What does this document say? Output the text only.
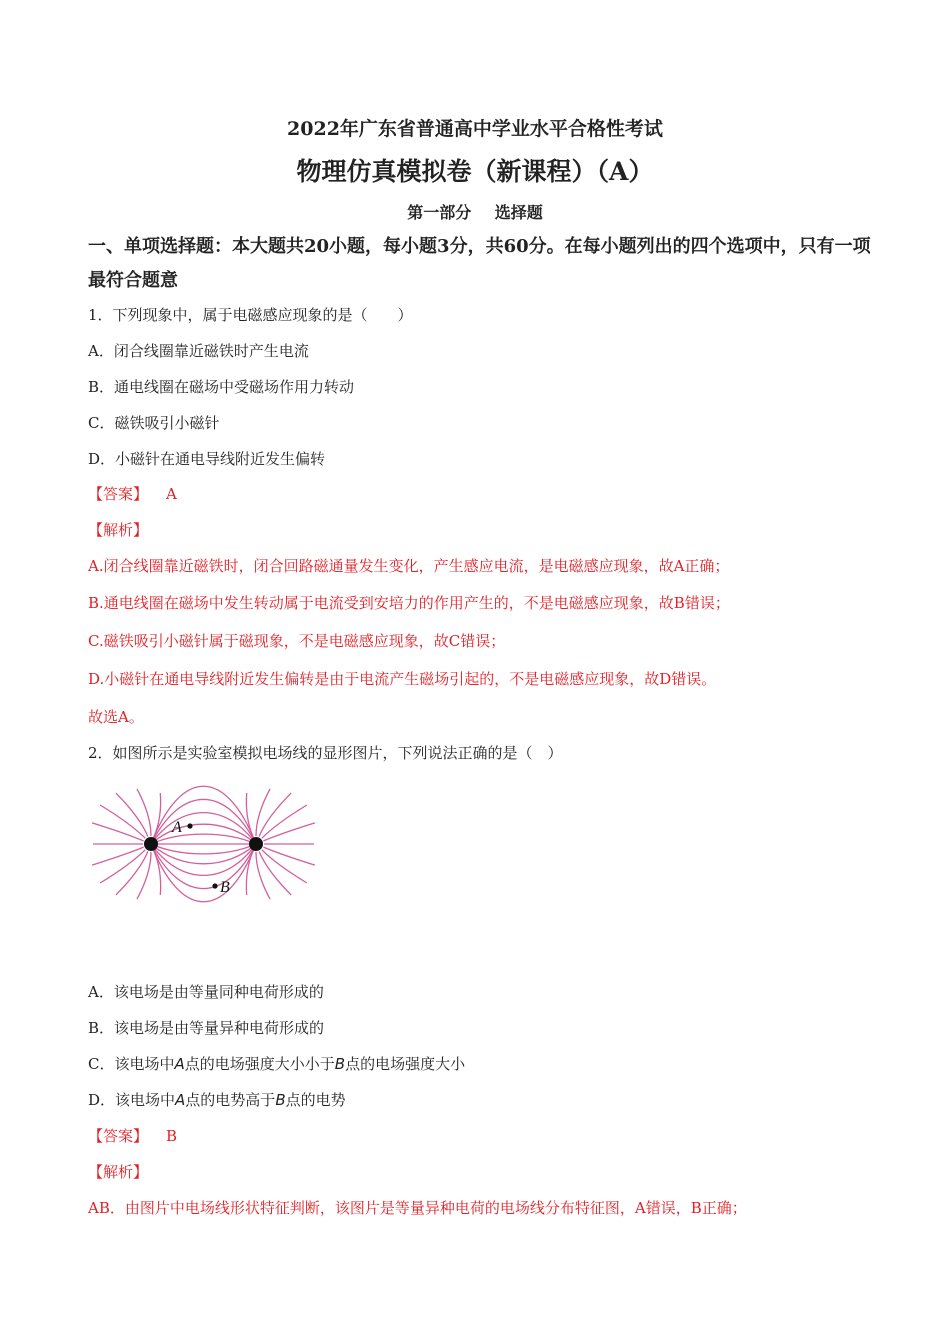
2022年广东省普通高中学业水平合格性考试
物理仿真模拟卷（新课程）（A）
第一部分 选择题
一、单项选择题：本大题共20小题，每小题3分，共60分。在每小题列出的四个选项中，只有一项最符合题意
1．下列现象中，属于电磁感应现象的是（　　）
A．闭合线圈靠近磁铁时产生电流
B．通电线圈在磁场中受磁场作用力转动
C．磁铁吸引小磁针
D．小磁针在通电导线附近发生偏转
【答案】 A
【解析】
A.闭合线圈靠近磁铁时，闭合回路磁通量发生变化，产生感应电流，是电磁感应现象，故A正确；
B.通电线圈在磁场中发生转动属于电流受到安培力的作用产生的，不是电磁感应现象，故B错误；
C.磁铁吸引小磁针属于磁现象，不是电磁感应现象，故C错误；
D.小磁针在通电导线附近发生偏转是由于电流产生磁场引起的，不是电磁感应现象，故D错误。
故选A。
2．如图所示是实验室模拟电场线的显形图片，下列说法正确的是（　）
A
B
A．该电场是由等量同种电荷形成的
B．该电场是由等量异种电荷形成的
C．该电场中A点的电场强度大小小于B点的电场强度大小
D．该电场中A点的电势高于B点的电势
【答案】 B
【解析】
AB．由图片中电场线形状特征判断，该图片是等量异种电荷的电场线分布特征图，A错误，B正确；
